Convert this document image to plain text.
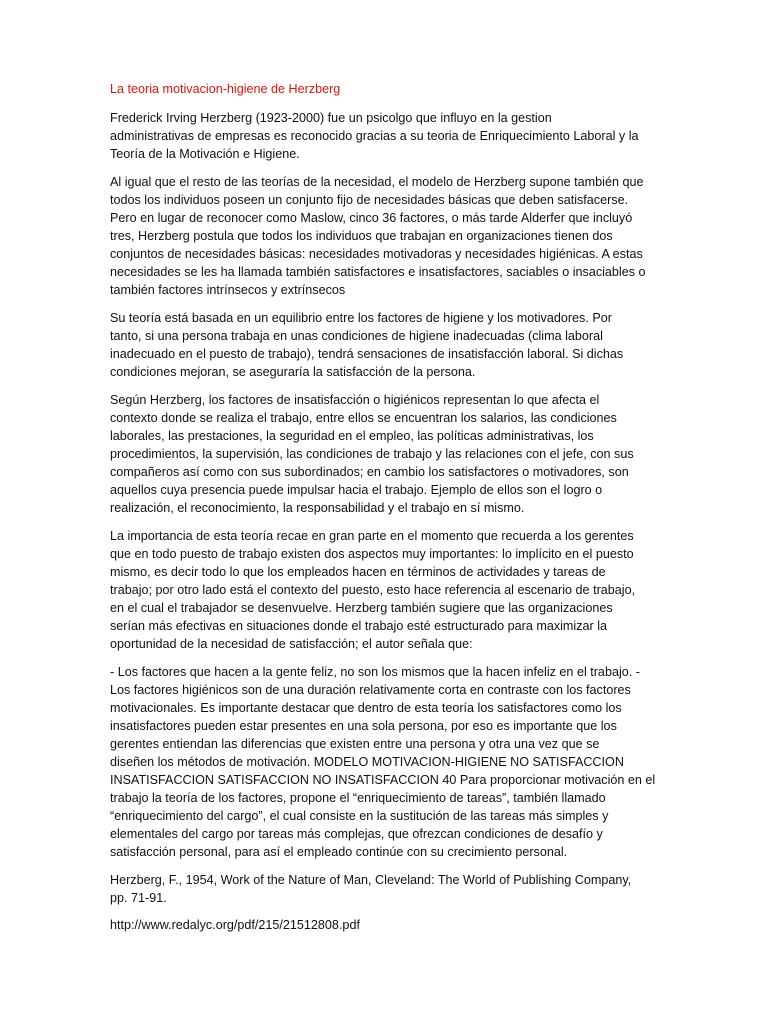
La teoria motivacion-higiene de Herzberg

Frederick Irving Herzberg (1923-2000) fue un psicolgo que influyo en la gestion
administrativas de empresas es reconocido gracias a su teoria de Enriquecimiento Laboral y la
Teoría de la Motivación e Higiene.

Al igual que el resto de las teorías de la necesidad, el modelo de Herzberg supone también que
todos los individuos poseen un conjunto fijo de necesidades básicas que deben satisfacerse.
Pero en lugar de reconocer como Maslow, cinco 36 factores, o más tarde Alderfer que incluyó
tres, Herzberg postula que todos los individuos que trabajan en organizaciones tienen dos
conjuntos de necesidades básicas: necesidades motivadoras y necesidades higiénicas. A estas
necesidades se les ha llamada también satisfactores e insatisfactores, saciables o insaciables o
también factores intrínsecos y extrínsecos

Su teoría está basada en un equilibrio entre los factores de higiene y los motivadores. Por
tanto, si una persona trabaja en unas condiciones de higiene inadecuadas (clima laboral
inadecuado en el puesto de trabajo), tendrá sensaciones de insatisfacción laboral. Si dichas
condiciones mejoran, se aseguraría la satisfacción de la persona.

Según Herzberg, los factores de insatisfacción o higiénicos representan lo que afecta el
contexto donde se realiza el trabajo, entre ellos se encuentran los salarios, las condiciones
laborales, las prestaciones, la seguridad en el empleo, las políticas administrativas, los
procedimientos, la supervisión, las condiciones de trabajo y las relaciones con el jefe, con sus
compañeros así como con sus subordinados; en cambio los satisfactores o motivadores, son
aquellos cuya presencia puede impulsar hacia el trabajo. Ejemplo de ellos son el logro o
realización, el reconocimiento, la responsabilidad y el trabajo en sí mismo.

La importancia de esta teoría recae en gran parte en el momento que recuerda a los gerentes
que en todo puesto de trabajo existen dos aspectos muy importantes: lo implícito en el puesto
mismo, es decir todo lo que los empleados hacen en términos de actividades y tareas de
trabajo; por otro lado está el contexto del puesto, esto hace referencia al escenario de trabajo,
en el cual el trabajador se desenvuelve. Herzberg también sugiere que las organizaciones
serían más efectivas en situaciones donde el trabajo esté estructurado para maximizar la
oportunidad de la necesidad de satisfacción; el autor señala que:

- Los factores que hacen a la gente feliz, no son los mismos que la hacen infeliz en el trabajo. -
Los factores higiénicos son de una duración relativamente corta en contraste con los factores
motivacionales. Es importante destacar que dentro de esta teoría los satisfactores como los
insatisfactores pueden estar presentes en una sola persona, por eso es importante que los
gerentes entiendan las diferencias que existen entre una persona y otra una vez que se
diseñen los métodos de motivación. MODELO MOTIVACION-HIGIENE NO SATISFACCION
INSATISFACCION SATISFACCION NO INSATISFACCION 40 Para proporcionar motivación en el
trabajo la teoría de los factores, propone el “enriquecimiento de tareas”, también llamado
“enriquecimiento del cargo”, el cual consiste en la sustitución de las tareas más simples y
elementales del cargo por tareas más complejas, que ofrezcan condiciones de desafío y
satisfacción personal, para así el empleado continúe con su crecimiento personal.

Herzberg, F., 1954, Work of the Nature of Man, Cleveland: The World of Publishing Company,
pp. 71-91.

http://www.redalyc.org/pdf/215/21512808.pdf
